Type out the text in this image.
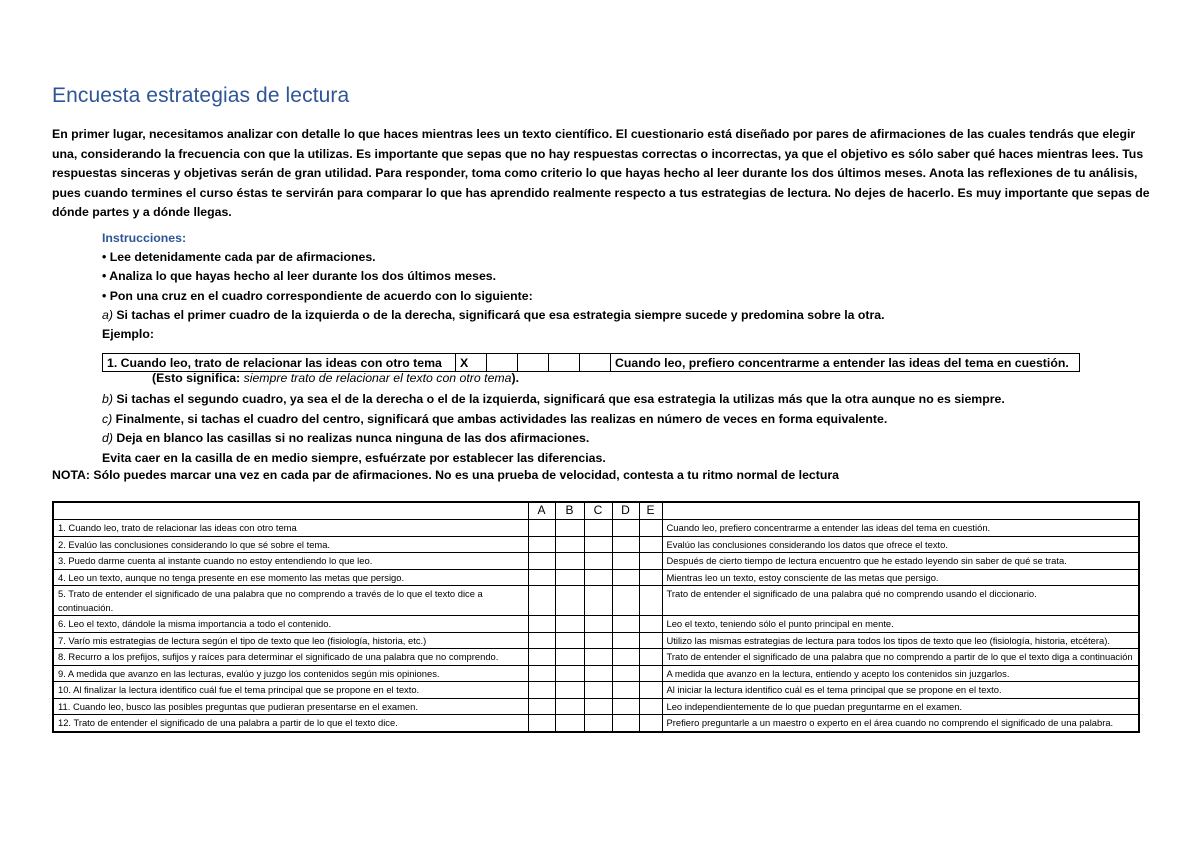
Encuesta estrategias de lectura
En primer lugar, necesitamos analizar con detalle lo que haces mientras lees un texto científico. El cuestionario está diseñado por pares de afirmaciones de las cuales tendrás que elegir una, considerando la frecuencia con que la utilizas. Es importante que sepas que no hay respuestas correctas o incorrectas, ya que el objetivo es sólo saber qué haces mientras lees. Tus respuestas sinceras y objetivas serán de gran utilidad. Para responder, toma como criterio lo que hayas hecho al leer durante los dos últimos meses. Anota las reflexiones de tu análisis, pues cuando termines el curso éstas te servirán para comparar lo que has aprendido realmente respecto a tus estrategias de lectura. No dejes de hacerlo. Es muy importante que sepas de dónde partes y a dónde llegas.
Instrucciones:
• Lee detenidamente cada par de afirmaciones.
• Analiza lo que hayas hecho al leer durante los dos últimos meses.
• Pon una cruz en el cuadro correspondiente de acuerdo con lo siguiente:
a) Si tachas el primer cuadro de la izquierda o de la derecha, significará que esa estrategia siempre sucede y predomina sobre la otra.
Ejemplo:
1. Cuando leo, trato de relacionar las ideas con otro tema	X					Cuando leo, prefiero concentrarme a entender las ideas del tema en cuestión.
(Esto significa: siempre trato de relacionar el texto con otro tema).
b) Si tachas el segundo cuadro, ya sea el de la derecha o el de la izquierda, significará que esa estrategia la utilizas más que la otra aunque no es siempre.
c) Finalmente, si tachas el cuadro del centro, significará que ambas actividades las realizas en número de veces en forma equivalente.
d) Deja en blanco las casillas si no realizas nunca ninguna de las dos afirmaciones.
Evita caer en la casilla de en medio siempre, esfuérzate por establecer las diferencias.
NOTA: Sólo puedes marcar una vez en cada par de afirmaciones. No es una prueba de velocidad, contesta a tu ritmo normal de lectura
	A	B	C	D	E	
1. Cuando leo, trato de relacionar las ideas con otro tema						Cuando leo, prefiero concentrarme a entender las ideas del tema en cuestión.
2. Evalúo las conclusiones considerando lo que sé sobre el tema.						Evalúo las conclusiones considerando los datos que ofrece el texto.
3. Puedo darme cuenta al instante cuando no estoy entendiendo lo que leo.						Después de cierto tiempo de lectura encuentro que he estado leyendo sin saber de qué se trata.
4. Leo un texto, aunque no tenga presente en ese momento las metas que persigo.						Mientras leo un texto, estoy consciente de las metas que persigo.
5. Trato de entender el significado de una palabra que no comprendo a través de lo que el texto dice a continuación.						Trato de entender el significado de una palabra qué no comprendo usando el diccionario.
6. Leo el texto, dándole la misma importancia a todo el contenido.						Leo el texto, teniendo sólo el punto principal en mente.
7. Varío mis estrategias de lectura según el tipo de texto que leo (fisiología, historia, etc.)						Utilizo las mismas estrategias de lectura para todos los tipos de texto que leo (fisiología, historia, etcétera).
8. Recurro a los prefijos, sufijos y raíces para determinar el significado de una palabra que no comprendo.						Trato de entender el significado de una palabra que no comprendo a partir de lo que el texto diga a continuación
9. A medida que avanzo en las lecturas, evalúo y juzgo los contenidos según mis opiniones.						A medida que avanzo en la lectura, entiendo y acepto los contenidos sin juzgarlos.
10. Al finalizar la lectura identifico cuál fue el tema principal que se propone en el texto.						Al iniciar la lectura identifico cuál es el tema principal que se propone en el texto.
11. Cuando leo, busco las posibles preguntas que pudieran presentarse en el examen.						Leo independientemente de lo que puedan preguntarme en el examen.
12. Trato de entender el significado de una palabra a partir de lo que el texto dice.						Prefiero preguntarle a un maestro o experto en el área cuando no comprendo el significado de una palabra.
